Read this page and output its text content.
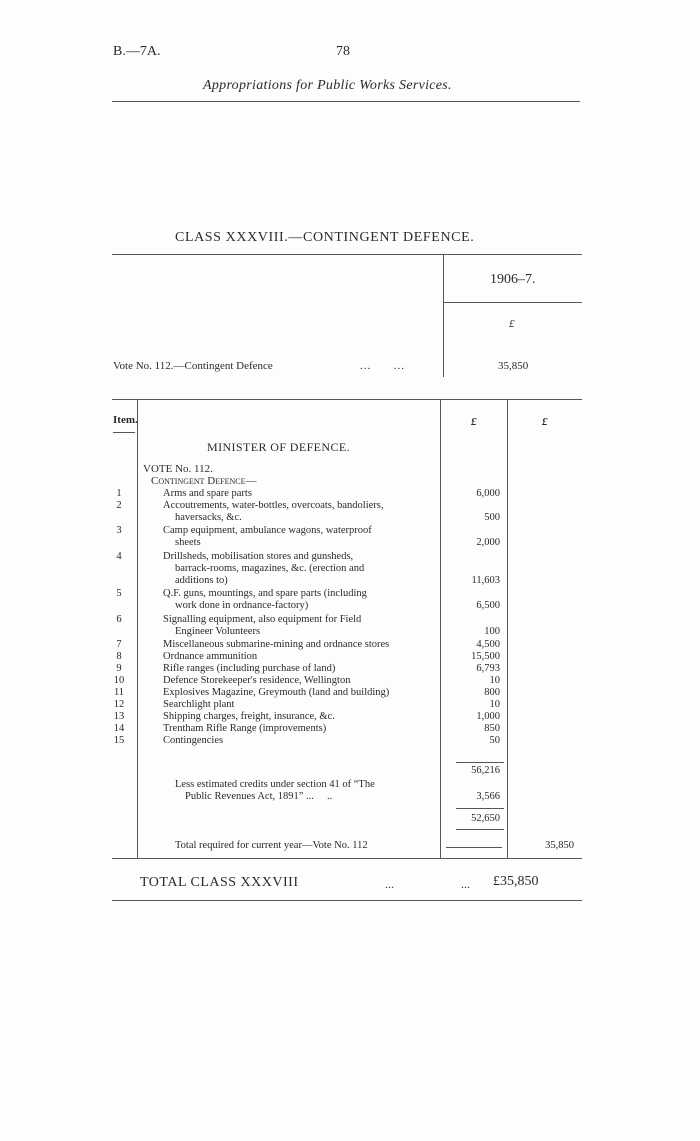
B.—7A.	78
Appropriations for Public Works Services.
CLASS XXXVIII.—CONTINGENT DEFENCE.
1906–7.
£
Vote No. 112.—Contingent Defence	...      ...	35,850
Item.	£	£
MINISTER OF DEFENCE.
VOTE No. 112.
Contingent Defence—
1	Arms and spare parts	6,000
2	Accoutrements, water-bottles, overcoats, bandoliers,
haversacks, &c.	500
3	Camp equipment, ambulance wagons, waterproof
sheets	2,000
4	Drillsheds, mobilisation stores and gunsheds,
barrack-rooms, magazines, &c. (erection and
additions to)	11,603
5	Q.F. guns, mountings, and spare parts (including
work done in ordnance-factory)	6,500
6	Signalling equipment, also equipment for Field
Engineer Volunteers	100
7	Miscellaneous submarine-mining and ordnance stores	4,500
8	Ordnance ammunition	15,500
9	Rifle ranges (including purchase of land)	6,793
10	Defence Storekeeper's residence, Wellington	10
11	Explosives Magazine, Greymouth (land and building)	800
12	Searchlight plant	10
13	Shipping charges, freight, insurance, &c.	1,000
14	Trentham Rifle Range (improvements)	850
15	Contingencies	50
56,216
Less estimated credits under section 41 of “The
Public Revenues Act, 1891” ...     ..	3,566
52,650
Total required for current year—Vote No. 112	35,850
TOTAL CLASS XXXVIII	...	... £35,850
